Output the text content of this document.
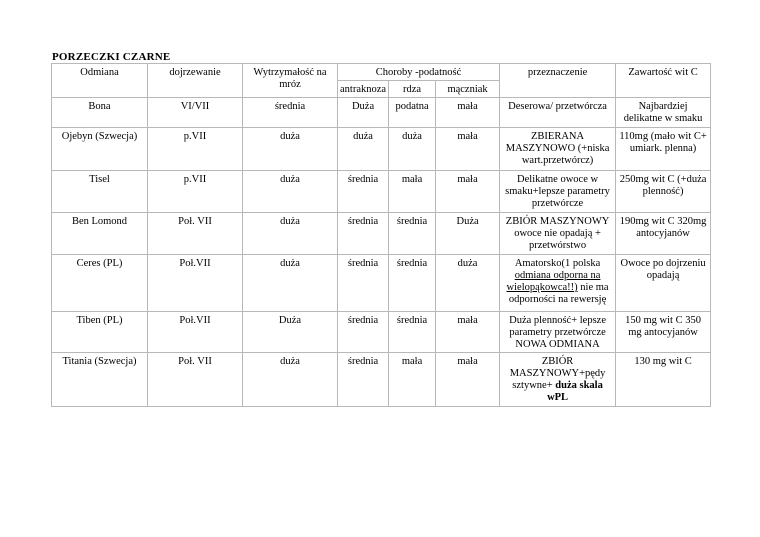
PORZECZKI CZARNE
Odmiana	dojrzewanie	Wytrzymałość na mróz	Choroby -podatność			przeznaczenie	Zawartość wit C
			antraknoza	rdza	mączniak		
Bona	VI/VII	średnia	Duża	podatna	mała	Deserowa/ przetwórcza	Najbardziej delikatne w smaku
Ojebyn (Szwecja)	p.VII	duża	duża	duża	mała	ZBIERANA MASZYNOWO (+niska wart.przetwórcz)	110mg (mało wit C+ umiark. plenna)
Tisel	p.VII	duża	średnia	mała	mała	Delikatne owoce w smaku+lepsze parametry przetwórcze	250mg wit C (+duża plenność)
Ben Lomond	Poł. VII	duża	średnia	średnia	Duża	ZBIÓR MASZYNOWY owoce nie opadają + przetwórstwo	190mg wit C 320mg antocyjanów
Ceres (PL)	Poł.VII	duża	średnia	średnia	duża	Amatorsko(1 polska odmiana odporna na wielopąkowca!!) nie ma odporności na rewersję	Owoce po dojrzeniu opadają
Tiben (PL)	Poł.VII	Duża	średnia	średnia	mała	Duża plenność+ lepsze parametry przetwórcze NOWA ODMIANA	150 mg wit C 350 mg antocyjanów
Titania (Szwecja)	Poł. VII	duża	średnia	mała	mała	ZBIÓR MASZYNOWY+pędy sztywne+ duża skala wPL	130 mg wit C
